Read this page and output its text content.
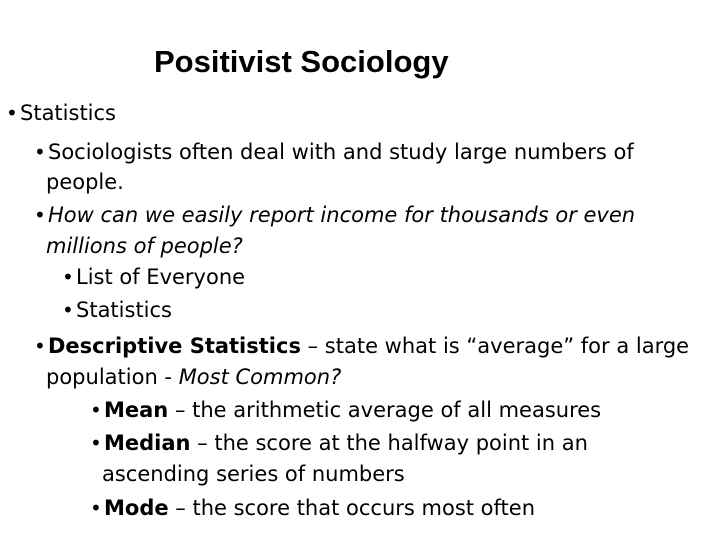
Positivist Sociology
• Statistics
• Sociologists often deal with and study large numbers of
people.
• How can we easily report income for thousands or even
millions of people?
• List of Everyone
• Statistics
• Descriptive Statistics – state what is “average” for a large
population - Most Common?
• Mean – the arithmetic average of all measures
• Median – the score at the halfway point in an
ascending series of numbers
• Mode – the score that occurs most often
